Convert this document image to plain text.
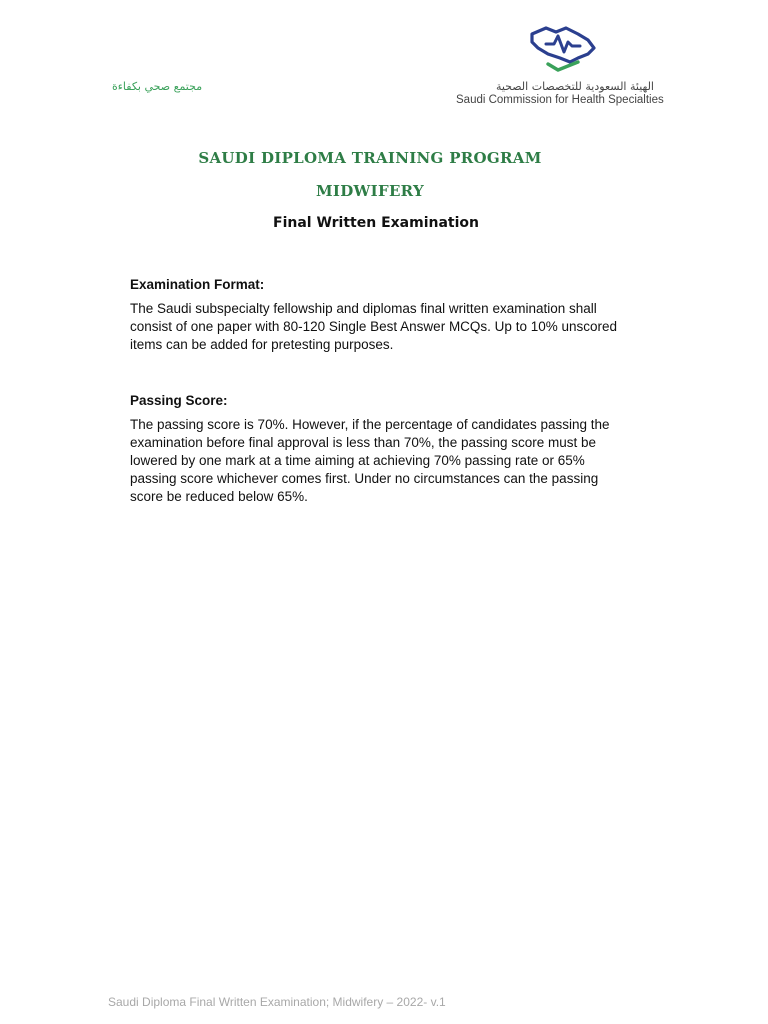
مجتمع صحي بكفاءة	الهيئة السعودية للتخصصات الصحية
Saudi Commission for Health Specialties
SAUDI DIPLOMA TRAINING PROGRAM
MIDWIFERY
Final Written Examination

Examination Format:

The Saudi subspecialty fellowship and diplomas final written examination shall consist of one paper with 80-120 Single Best Answer MCQs. Up to 10% unscored items can be added for pretesting purposes.

Passing Score:

The passing score is 70%. However, if the percentage of candidates passing the examination before final approval is less than 70%, the passing score must be lowered by one mark at a time aiming at achieving 70% passing rate or 65% passing score whichever comes first. Under no circumstances can the passing score be reduced below 65%.

Saudi Diploma Final Written Examination; Midwifery – 2022- v.1
